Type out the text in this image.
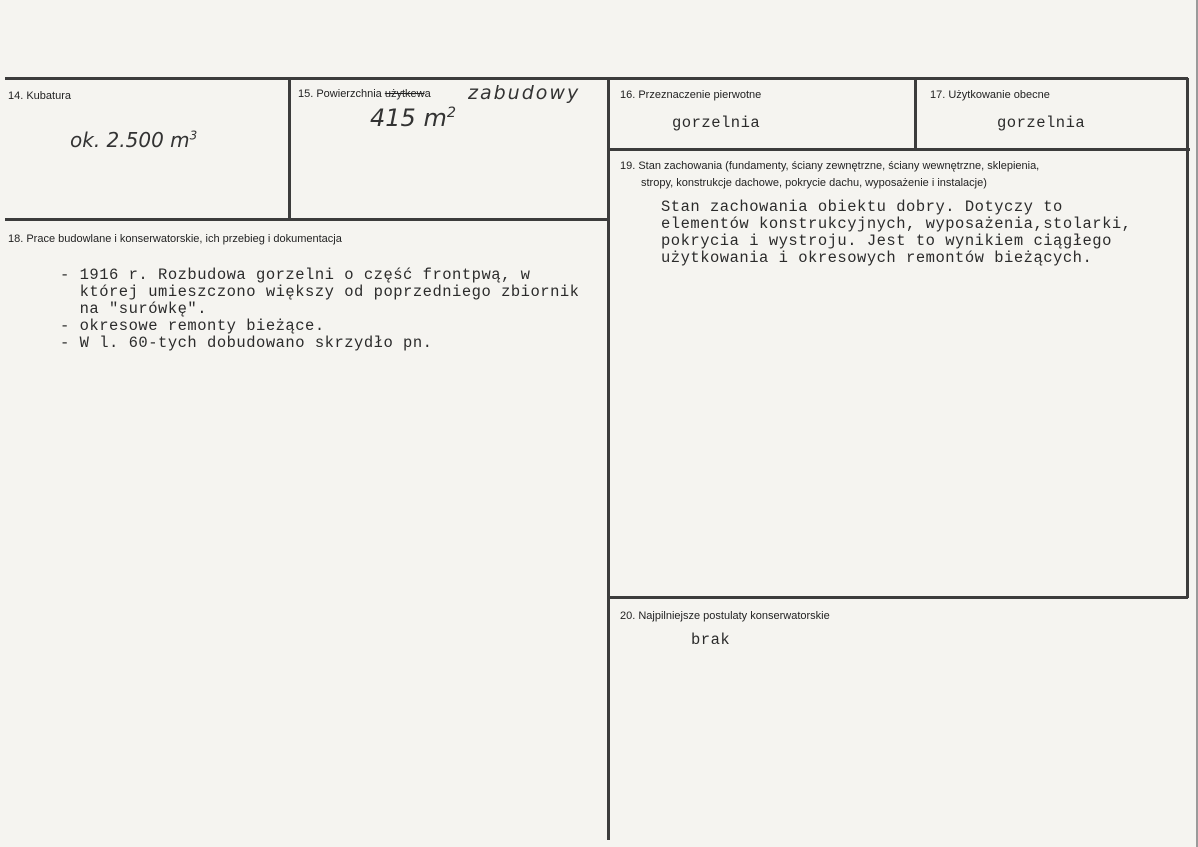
14. Kubatura
ok. 2.500 $m^3$
15. Powierzchnia użytkewa zabudowy
415 $m^2$
16. Przeznaczenie pierwotne
gorzelnia
17. Użytkowanie obecne
gorzelnia
18. Prace budowlane i konserwatorskie, ich przebieg i dokumentacja
- 1916 r. Rozbudowa gorzelni o część frontpwą, w
której umieszczono większy od poprzedniego zbiornik
na "surówkę".
- okresowe remonty bieżące.
- W l. 60-tych dobudowano skrzydło pn.
19. Stan zachowania (fundamenty, ściany zewnętrzne, ściany wewnętrzne, sklepienia,
stropy, konstrukcje dachowe, pokrycie dachu, wyposażenie i instalacje)
Stan zachowania obiektu dobry. Dotyczy to
elementów konstrukcyjnych, wyposażenia,stolarki,
pokrycia i wystroju. Jest to wynikiem ciągłego
użytkowania i okresowych remontów bieżących.
20. Najpilniejsze postulaty konserwatorskie
brak
